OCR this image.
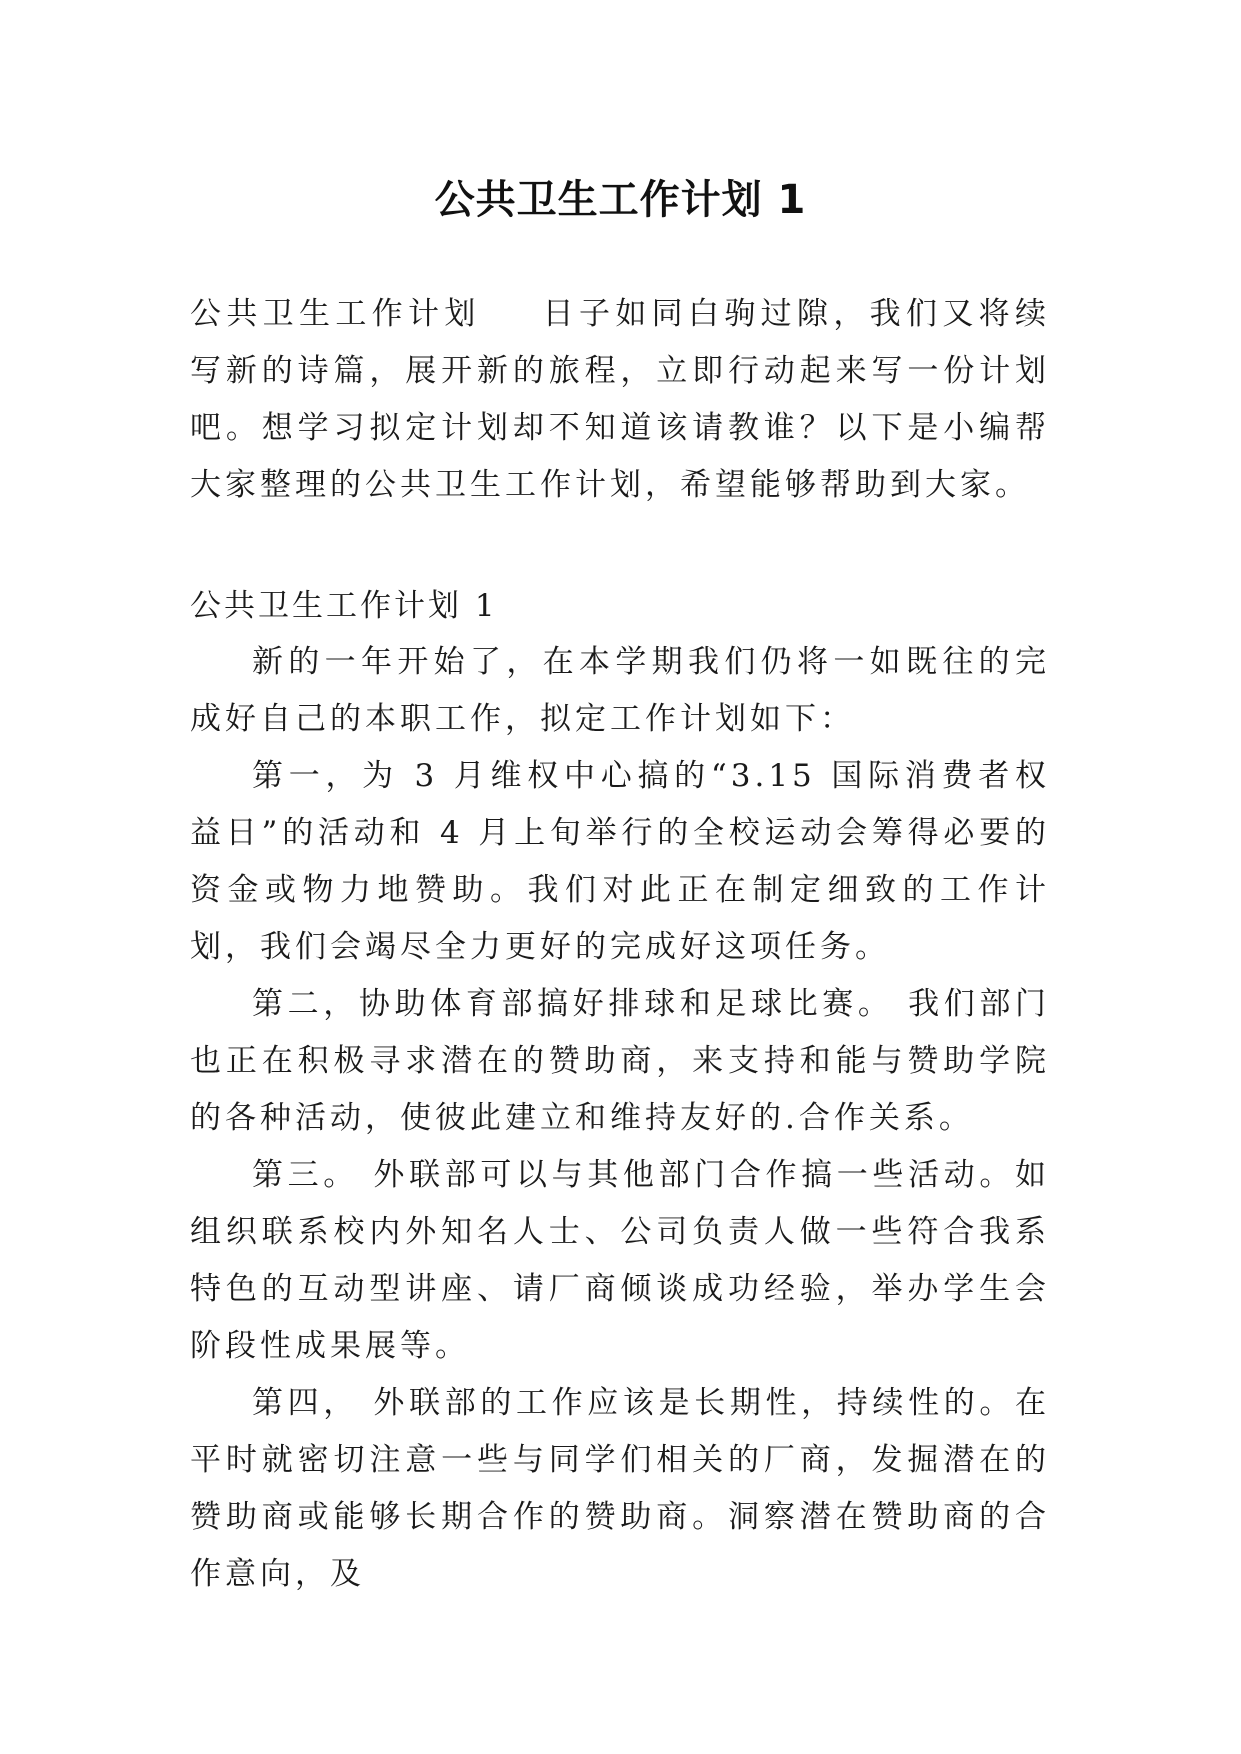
公共卫生工作计划 1

公共卫生工作计划 日子如同白驹过隙，我们又将续写新的诗篇，展开新的旅程，立即行动起来写一份计划吧。想学习拟定计划却不知道该请教谁？以下是小编帮大家整理的公共卫生工作计划，希望能够帮助到大家。

公共卫生工作计划 1

新的一年开始了，在本学期我们仍将一如既往的完成好自己的本职工作，拟定工作计划如下：

第一，为 3 月维权中心搞的“3.15 国际消费者权益日”的活动和 4 月上旬举行的全校运动会筹得必要的资金或物力地赞助。我们对此正在制定细致的工作计划，我们会竭尽全力更好的完成好这项任务。

第二，协助体育部搞好排球和足球比赛。 我们部门也正在积极寻求潜在的赞助商，来支持和能与赞助学院的各种活动，使彼此建立和维持友好的.合作关系。

第三。 外联部可以与其他部门合作搞一些活动。如组织联系校内外知名人士、公司负责人做一些符合我系特色的互动型讲座、请厂商倾谈成功经验，举办学生会阶段性成果展等。

第四， 外联部的工作应该是长期性，持续性的。在平时就密切注意一些与同学们相关的厂商，发掘潜在的赞助商或能够长期合作的赞助商。洞察潜在赞助商的合作意向，及
